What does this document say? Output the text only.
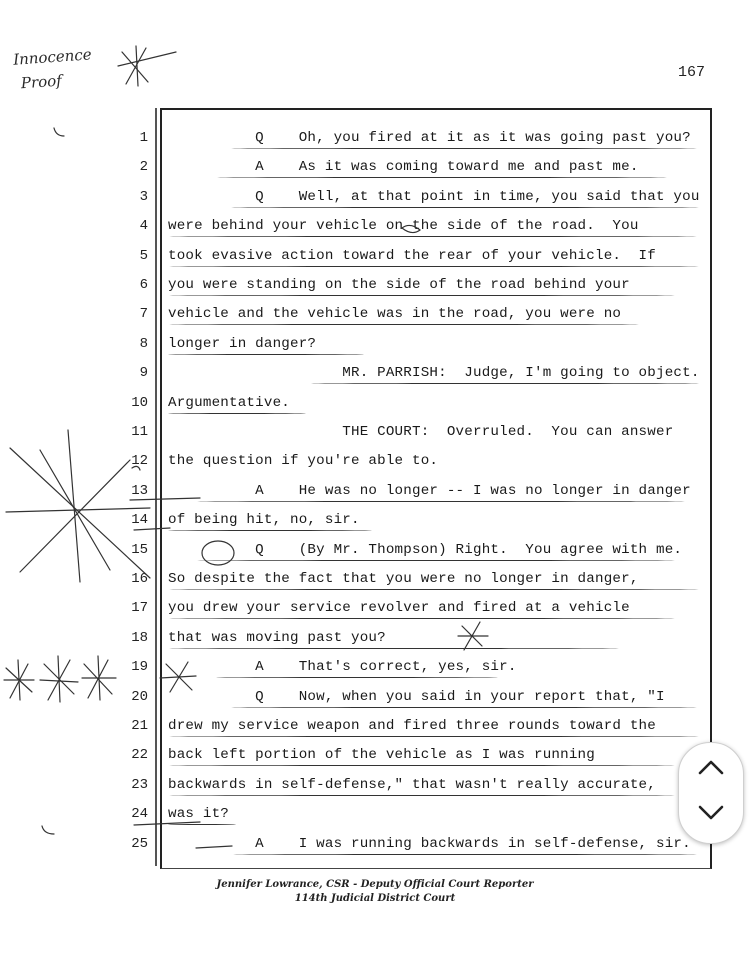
Innocence
Proof	167
1 Q    Oh, you fired at it as it was going past you?
2 A    As it was coming toward me and past me.
3 Q    Well, at that point in time, you said that you
4 were behind your vehicle on the side of the road.  You
5 took evasive action toward the rear of your vehicle.  If
6 you were standing on the side of the road behind your
7 vehicle and the vehicle was in the road, you were no
8 longer in danger?
9 MR. PARRISH:  Judge, I'm going to object.
10 Argumentative.
11 THE COURT:  Overruled.  You can answer
12 the question if you're able to.
13 A    He was no longer -- I was no longer in danger
14 of being hit, no, sir.
15 Q    (By Mr. Thompson) Right.  You agree with me.
16 So despite the fact that you were no longer in danger,
17 you drew your service revolver and fired at a vehicle
18 that was moving past you?
19 A    That's correct, yes, sir.
20 Q    Now, when you said in your report that, "I
21 drew my service weapon and fired three rounds toward the
22 back left portion of the vehicle as I was running
23 backwards in self-defense," that wasn't really accurate,
24 was it?
25 A    I was running backwards in self-defense, sir.
Jennifer Lowrance, CSR - Deputy Official Court Reporter
114th Judicial District Court
